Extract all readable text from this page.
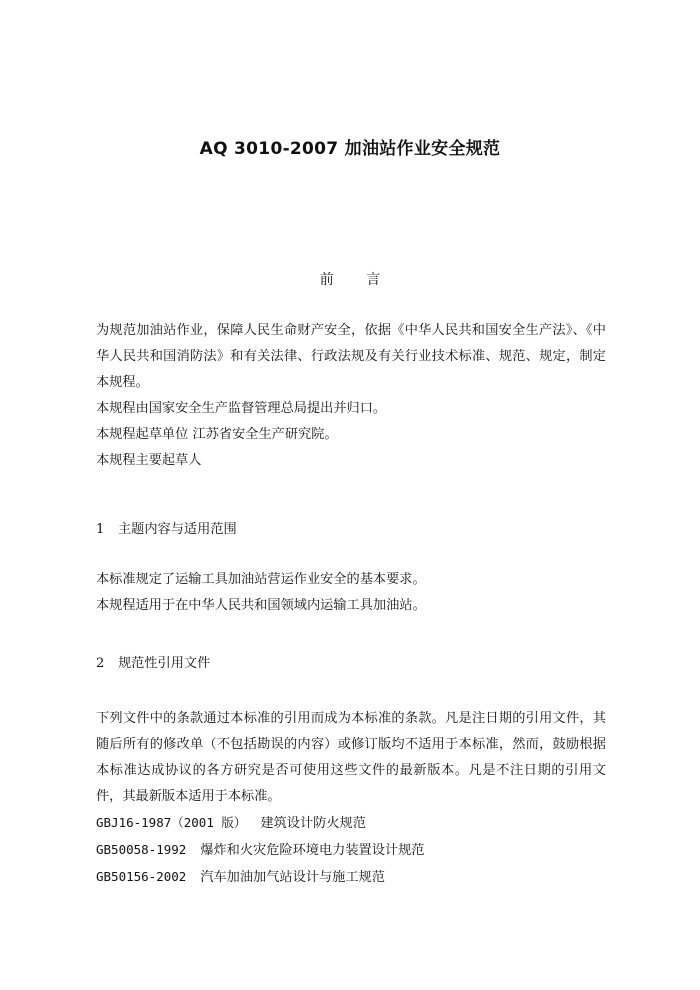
AQ 3010-2007 加油站作业安全规范
前 言

为规范加油站作业，保障人民生命财产安全，依据《中华人民共和国安全生产法》、《中华人民共和国消防法》和有关法律、行政法规及有关行业技术标准、规范、规定，制定本规程。

本规程由国家安全生产监督管理总局提出并归口。

本规程起草单位 江苏省安全生产研究院。

本规程主要起草人

1 主题内容与适用范围

本标准规定了运输工具加油站营运作业安全的基本要求。

本规程适用于在中华人民共和国领域内运输工具加油站。

2 规范性引用文件

下列文件中的条款通过本标准的引用而成为本标准的条款。凡是注日期的引用文件，其随后所有的修改单（不包括勘误的内容）或修订版均不适用于本标准，然而，鼓励根据本标准达成协议的各方研究是否可使用这些文件的最新版本。凡是不注日期的引用文件，其最新版本适用于本标准。

GBJ16-1987（2001 版） 建筑设计防火规范

GB50058-1992 爆炸和火灾危险环境电力装置设计规范

GB50156-2002 汽车加油加气站设计与施工规范
